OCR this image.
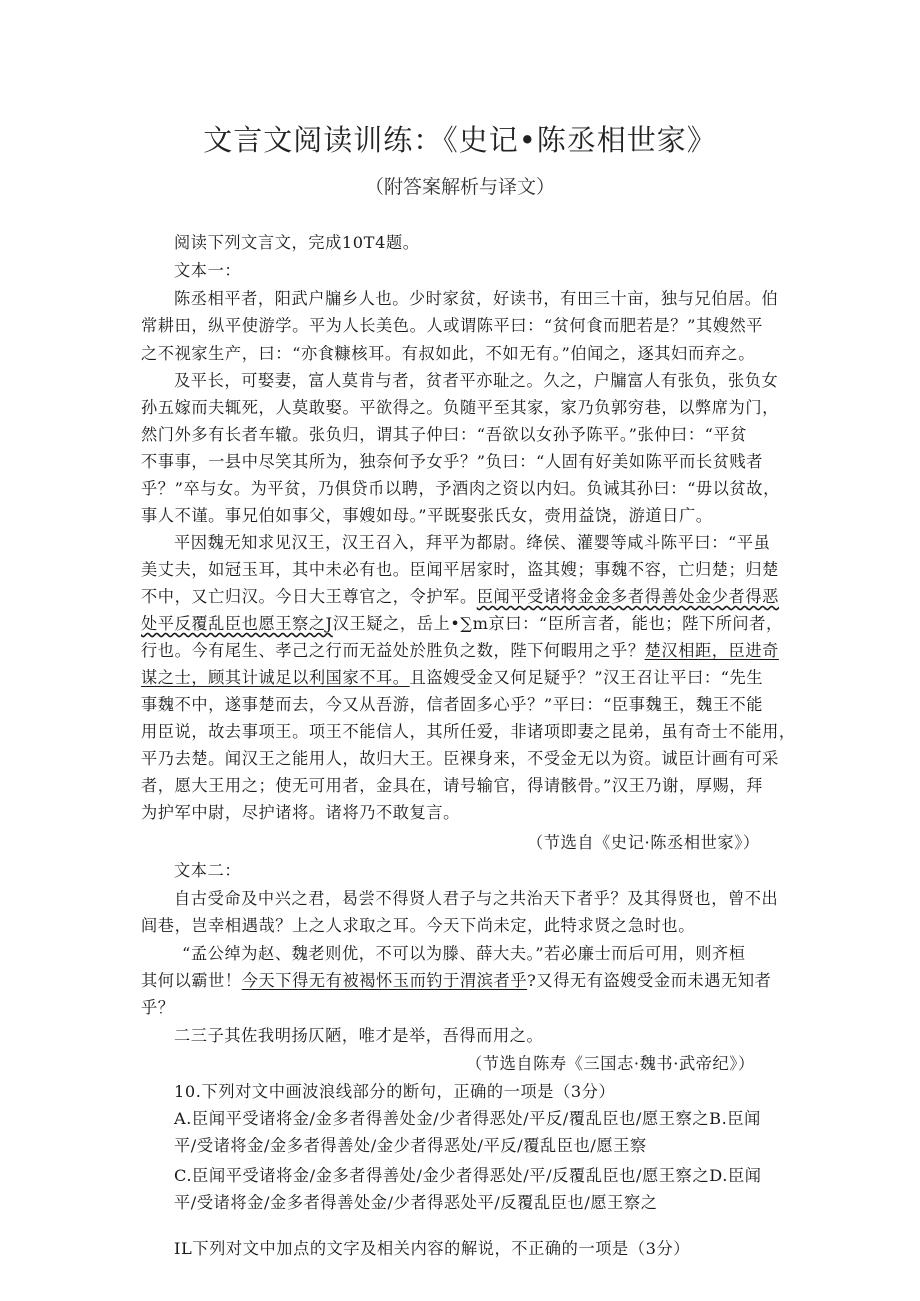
文言文阅读训练：《史记•陈丞相世家》
（附答案解析与译文）
阅读下列文言文，完成10T4题。
文本一：
陈丞相平者，阳武户牖乡人也。少时家贫，好读书，有田三十亩，独与兄伯居。伯
常耕田，纵平使游学。平为人长美色。人或谓陈平曰：“贫何食而肥若是？”其嫂然平
之不视家生产，曰：“亦食糠核耳。有叔如此，不如无有。”伯闻之，逐其妇而弃之。
及平长，可娶妻，富人莫肯与者，贫者平亦耻之。久之，户牖富人有张负，张负女
孙五嫁而夫辄死，人莫敢娶。平欲得之。负随平至其家，家乃负郭穷巷，以弊席为门，
然门外多有长者车辙。张负归，谓其子仲曰：“吾欲以女孙予陈平。”张仲曰：“平贫
不事事，一县中尽笑其所为，独奈何予女乎？”负曰：“人固有好美如陈平而长贫贱者
乎？”卒与女。为平贫，乃俱贷币以聘，予酒肉之资以内妇。负诫其孙曰：“毋以贫故，
事人不谨。事兄伯如事父，事嫂如母。”平既娶张氏女，赍用益饶，游道日广。
平因魏无知求见汉王，汉王召入，拜平为都尉。绛侯、灌婴等咸斗陈平曰：“平虽
美丈夫，如冠玉耳，其中未必有也。臣闻平居家时，盗其嫂；事魏不容，亡归楚；归楚
不中，又亡归汉。今日大王尊官之，令护军。臣闻平受诸将金金多者得善处金少者得恶
处平反覆乱臣也愿王察之J汉王疑之，岳上•∑m京曰：“臣所言者，能也；陛下所问者，
行也。今有尾生、孝己之行而无益处於胜负之数，陛下何暇用之乎？楚汉相距，臣进奇
谋之士，顾其计诚足以利国家不耳。且盗嫂受金又何足疑乎？”汉王召让平曰：“先生
事魏不中，遂事楚而去，今又从吾游，信者固多心乎？”平曰：“臣事魏王，魏王不能
用臣说，故去事项王。项王不能信人，其所任爱，非诸项即妻之昆弟，虽有奇士不能用，
平乃去楚。闻汉王之能用人，故归大王。臣裸身来，不受金无以为资。诚臣计画有可采
者，愿大王用之；使无可用者，金具在，请号输官，得请骸骨。”汉王乃谢，厚赐，拜
为护军中尉，尽护诸将。诸将乃不敢复言。
（节选自《史记·陈丞相世家》）
文本二：
自古受命及中兴之君，曷尝不得贤人君子与之共治天下者乎？及其得贤也，曾不出
闾巷，岂幸相遇哉？上之人求取之耳。今天下尚未定，此特求贤之急时也。
“孟公绰为赵、魏老则优，不可以为滕、薛大夫。”若必廉士而后可用，则齐桓
其何以霸世！今天下得无有被褐怀玉而钓于渭滨者乎?又得无有盗嫂受金而未遇无知者
乎？
二三子其佐我明扬仄陋，唯才是举，吾得而用之。
（节选自陈寿《三国志·魏书·武帝纪》）
10.下列对文中画波浪线部分的断句，正确的一项是（3分）
A.臣闻平受诸将金/金多者得善处金/少者得恶处/平反/覆乱臣也/愿王察之B.臣闻
平/受诸将金/金多者得善处/金少者得恶处/平反/覆乱臣也/愿王察
C.臣闻平受诸将金/金多者得善处/金少者得恶处/平/反覆乱臣也/愿王察之D.臣闻
平/受诸将金/金多者得善处金/少者得恶处平/反覆乱臣也/愿王察之
IL下列对文中加点的文字及相关内容的解说，不正确的一项是（3分）
